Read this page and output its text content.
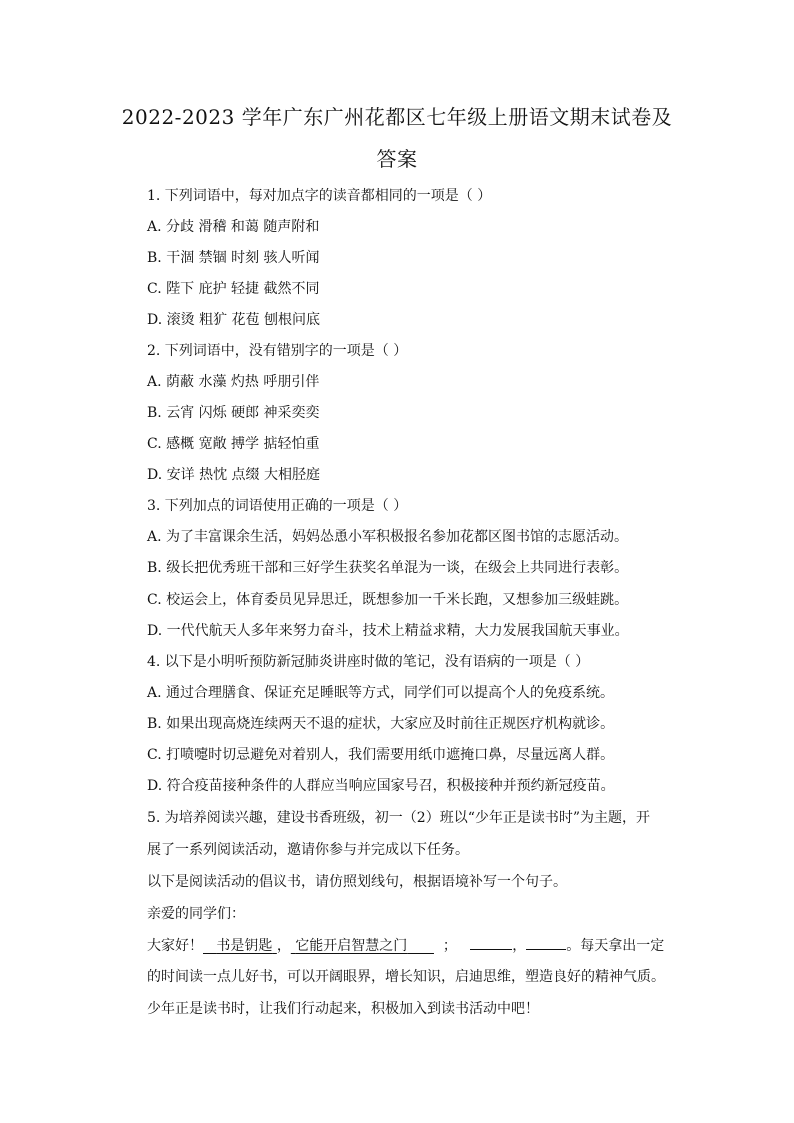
2022-2023 学年广东广州花都区七年级上册语文期末试卷及
答案
1. 下列词语中，每对加点字的读音都相同的一项是（ ）
A. 分歧 滑稽 和蔼 随声附和
B. 干涸 禁锢 时刻 骇人听闻
C. 陛下 庇护 轻捷 截然不同
D. 滚烫 粗犷 花苞 刨根问底
2. 下列词语中，没有错别字的一项是（ ）
A. 荫蔽 水藻 灼热 呼朋引伴
B. 云宵 闪烁 硬郎 神采奕奕
C. 感概 宽敞 搏学 掂轻怕重
D. 安详 热忱 点缀 大相胫庭
3. 下列加点的词语使用正确的一项是（ ）
A. 为了丰富课余生活，妈妈怂恿小军积极报名参加花都区图书馆的志愿活动。
B. 级长把优秀班干部和三好学生获奖名单混为一谈，在级会上共同进行表彰。
C. 校运会上，体育委员见异思迁，既想参加一千米长跑，又想参加三级蛙跳。
D. 一代代航天人多年来努力奋斗，技术上精益求精，大力发展我国航天事业。
4. 以下是小明听预防新冠肺炎讲座时做的笔记，没有语病的一项是（ ）
A. 通过合理膳食、保证充足睡眠等方式，同学们可以提高个人的免疫系统。
B. 如果出现高烧连续两天不退的症状，大家应及时前往正规医疗机构就诊。
C. 打喷嚏时切忌避免对着别人，我们需要用纸巾遮掩口鼻，尽量远离人群。
D. 符合疫苗接种条件的人群应当响应国家号召，积极接种并预约新冠疫苗。
5. 为培养阅读兴趣，建设书香班级，初一（2）班以“少年正是读书时”为主题，开
展了一系列阅读活动，邀请你参与并完成以下任务。
以下是阅读活动的倡议书，请仿照划线句，根据语境补写一个句子。
亲爱的同学们：
大家好！ 书是钥匙 ， 它能开启智慧之门	；	，	。每天拿出一定
的时间读一点儿好书，可以开阔眼界，增长知识，启迪思维，塑造良好的精神气质。
少年正是读书时，让我们行动起来，积极加入到读书活动中吧！
